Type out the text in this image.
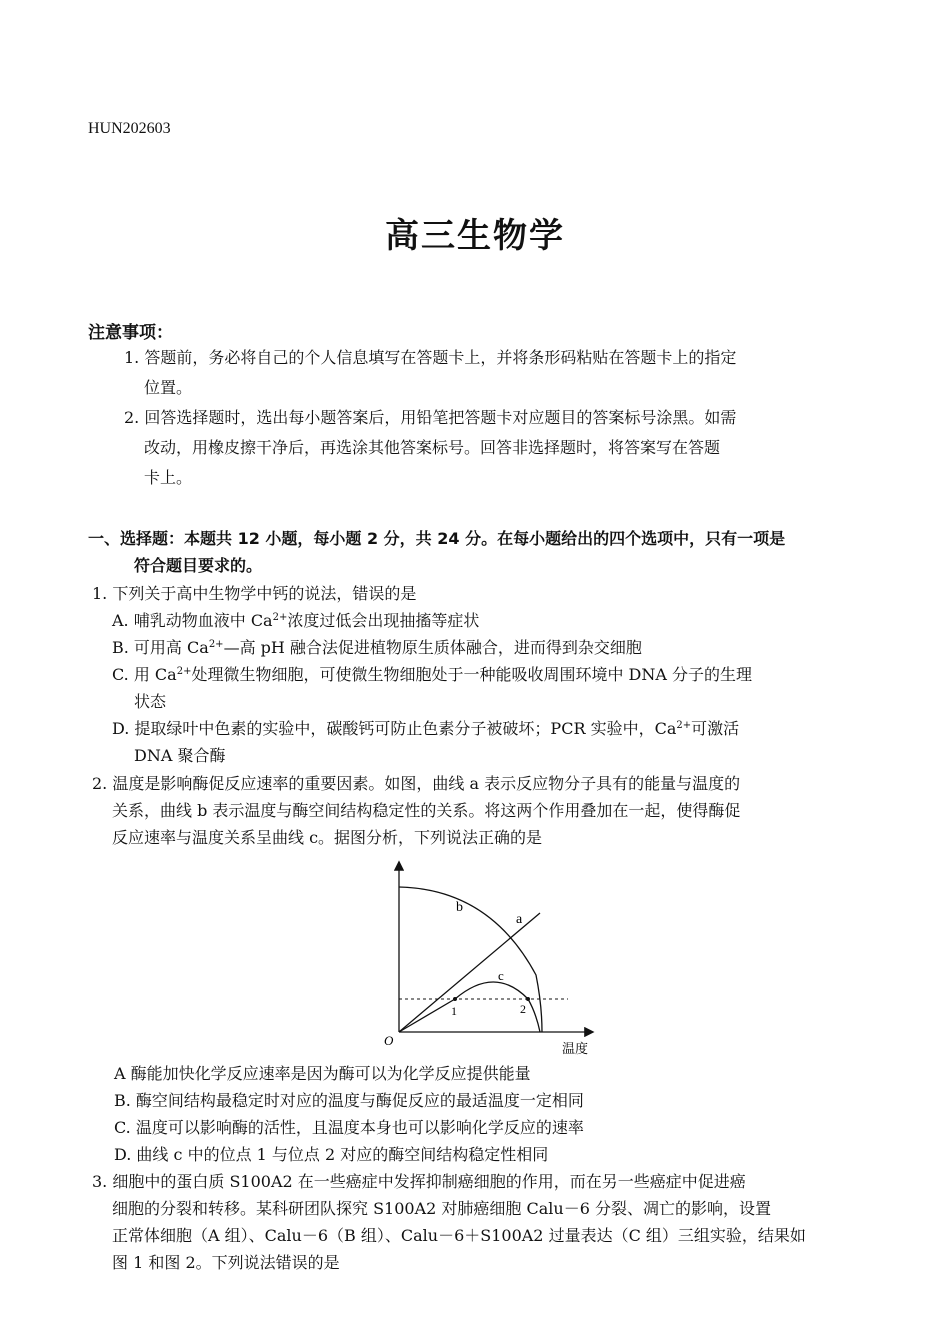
HUN202603
高三生物学
注意事项：
1. 答题前，务必将自己的个人信息填写在答题卡上，并将条形码粘贴在答题卡上的指定
位置。
2. 回答选择题时，选出每小题答案后，用铅笔把答题卡对应题目的答案标号涂黑。如需
改动，用橡皮擦干净后，再选涂其他答案标号。回答非选择题时，将答案写在答题
卡上。
一、选择题：本题共 12 小题，每小题 2 分，共 24 分。在每小题给出的四个选项中，只有一项是
符合题目要求的。
1. 下列关于高中生物学中钙的说法，错误的是
A. 哺乳动物血液中 $Ca^{2+}$浓度过低会出现抽搐等症状
B. 可用高 $Ca^{2+}—$高 pH 融合法促进植物原生质体融合，进而得到杂交细胞
C. 用 $Ca^{2+}$处理微生物细胞，可使微生物细胞处于一种能吸收周围环境中 DNA 分子的生理
状态
D. 提取绿叶中色素的实验中，碳酸钙可防止色素分子被破坏；PCR 实验中，$Ca^{2+}$可激活
DNA 聚合酶
2. 温度是影响酶促反应速率的重要因素。如图，曲线 a 表示反应物分子具有的能量与温度的
关系，曲线 b 表示温度与酶空间结构稳定性的关系。将这两个作用叠加在一起，使得酶促
反应速率与温度关系呈曲线 c。据图分析，下列说法正确的是
O
b
a
c
1	2
温度
A 酶能加快化学反应速率是因为酶可以为化学反应提供能量
B. 酶空间结构最稳定时对应的温度与酶促反应的最适温度一定相同
C. 温度可以影响酶的活性，且温度本身也可以影响化学反应的速率
D. 曲线 c 中的位点 1 与位点 2 对应的酶空间结构稳定性相同
3. 细胞中的蛋白质 S100A2 在一些癌症中发挥抑制癌细胞的作用，而在另一些癌症中促进癌
细胞的分裂和转移。某科研团队探究 S100A2 对肺癌细胞 Calu－6 分裂、凋亡的影响，设置
正常体细胞（A 组）、Calu－6（B 组）、Calu－6＋S100A2 过量表达（C 组）三组实验，结果如
图 1 和图 2。下列说法错误的是
